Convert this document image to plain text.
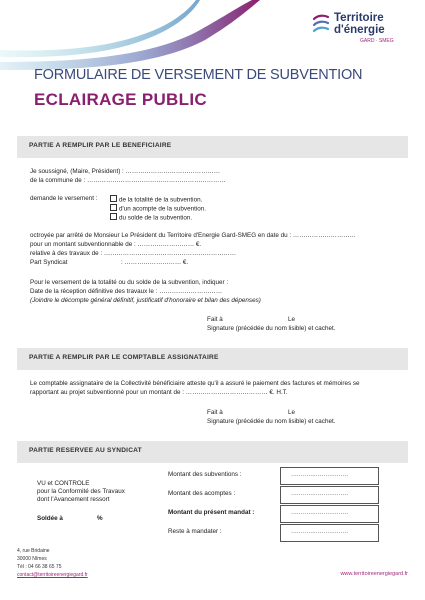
Territoire
d'énergie
GARD · SMEG
FORMULAIRE DE VERSEMENT DE SUBVENTION
ECLAIRAGE PUBLIC
PARTIE A REMPLIR PAR LE BENEFICIAIRE
Je soussigné, (Maire, Président) : ………………………………………
de la commune de : …………………………………………………………
demande le versement :	de la totalité de la subvention.
d'un acompte de la subvention.
du solde de la subvention.
octroyée par arrêté de Monsieur Le Président du Territoire d'Energie Gard-SMEG en date du : …………………………
pour un montant subventionnable de : ……………………… €.
relative à des travaux de : ………………………………………………………
Part Syndicat	: ……………………… €.
Pour le versement de la totalité ou du solde de la subvention, indiquer :
Date de la réception définitive des travaux le : …………………………
(Joindre le décompte général définitif, justificatif d'honoraire et bilan des dépenses)
Fait à	Le
Signature (précédée du nom lisible) et cachet.
PARTIE A REMPLIR PAR LE COMPTABLE ASSIGNATAIRE
Le comptable assignataire de la Collectivité bénéficiaire atteste qu'il a assuré le paiement des factures et mémoires se
rapportant au projet subventionné pour un montant de : ………………………………… €. H.T.
Fait à	Le
Signature (précédée du nom lisible) et cachet.
PARTIE RESERVEE AU SYNDICAT
VU et CONTROLE
pour la Conformité des Travaux
dont l'Avancement ressort
Soldée à	%
Montant des subventions :	…………………………
Montant des acomptes :	…………………………
Montant du présent mandat :	…………………………
Reste à mandater :	…………………………
4, rue Bridaine
30000 Nîmes
Tél : 04 66 38 65 75
contact@territoireenergiegard.fr	www.territoireenergiegard.fr
